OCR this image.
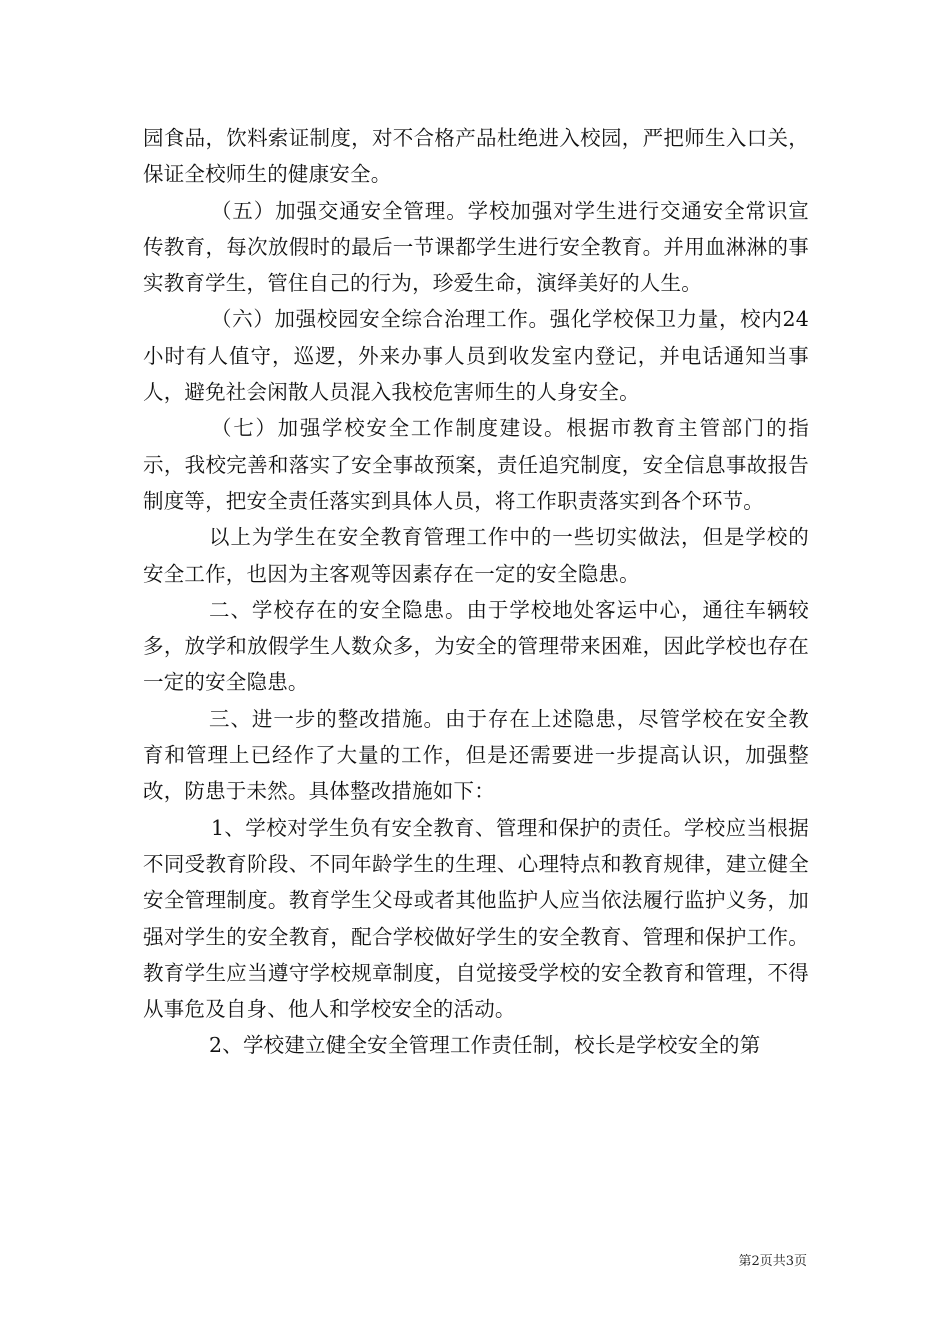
园食品，饮料索证制度，对不合格产品杜绝进入校园，严把师生入口关，保证全校师生的健康安全。

（五）加强交通安全管理。学校加强对学生进行交通安全常识宣传教育，每次放假时的最后一节课都学生进行安全教育。并用血淋淋的事实教育学生，管住自己的行为，珍爱生命，演绎美好的人生。

（六）加强校园安全综合治理工作。强化学校保卫力量，校内24小时有人值守，巡逻，外来办事人员到收发室内登记，并电话通知当事人，避免社会闲散人员混入我校危害师生的人身安全。

（七）加强学校安全工作制度建设。根据市教育主管部门的指示，我校完善和落实了安全事故预案，责任追究制度，安全信息事故报告制度等，把安全责任落实到具体人员，将工作职责落实到各个环节。

以上为学生在安全教育管理工作中的一些切实做法，但是学校的安全工作，也因为主客观等因素存在一定的安全隐患。

二、学校存在的安全隐患。由于学校地处客运中心，通往车辆较多，放学和放假学生人数众多，为安全的管理带来困难，因此学校也存在一定的安全隐患。

三、进一步的整改措施。由于存在上述隐患，尽管学校在安全教育和管理上已经作了大量的工作，但是还需要进一步提高认识，加强整改，防患于未然。具体整改措施如下：

1、学校对学生负有安全教育、管理和保护的责任。学校应当根据不同受教育阶段、不同年龄学生的生理、心理特点和教育规律，建立健全安全管理制度。教育学生父母或者其他监护人应当依法履行监护义务，加强对学生的安全教育，配合学校做好学生的安全教育、管理和保护工作。教育学生应当遵守学校规章制度，自觉接受学校的安全教育和管理，不得从事危及自身、他人和学校安全的活动。

2、学校建立健全安全管理工作责任制，校长是学校安全的第

第2页共3页
